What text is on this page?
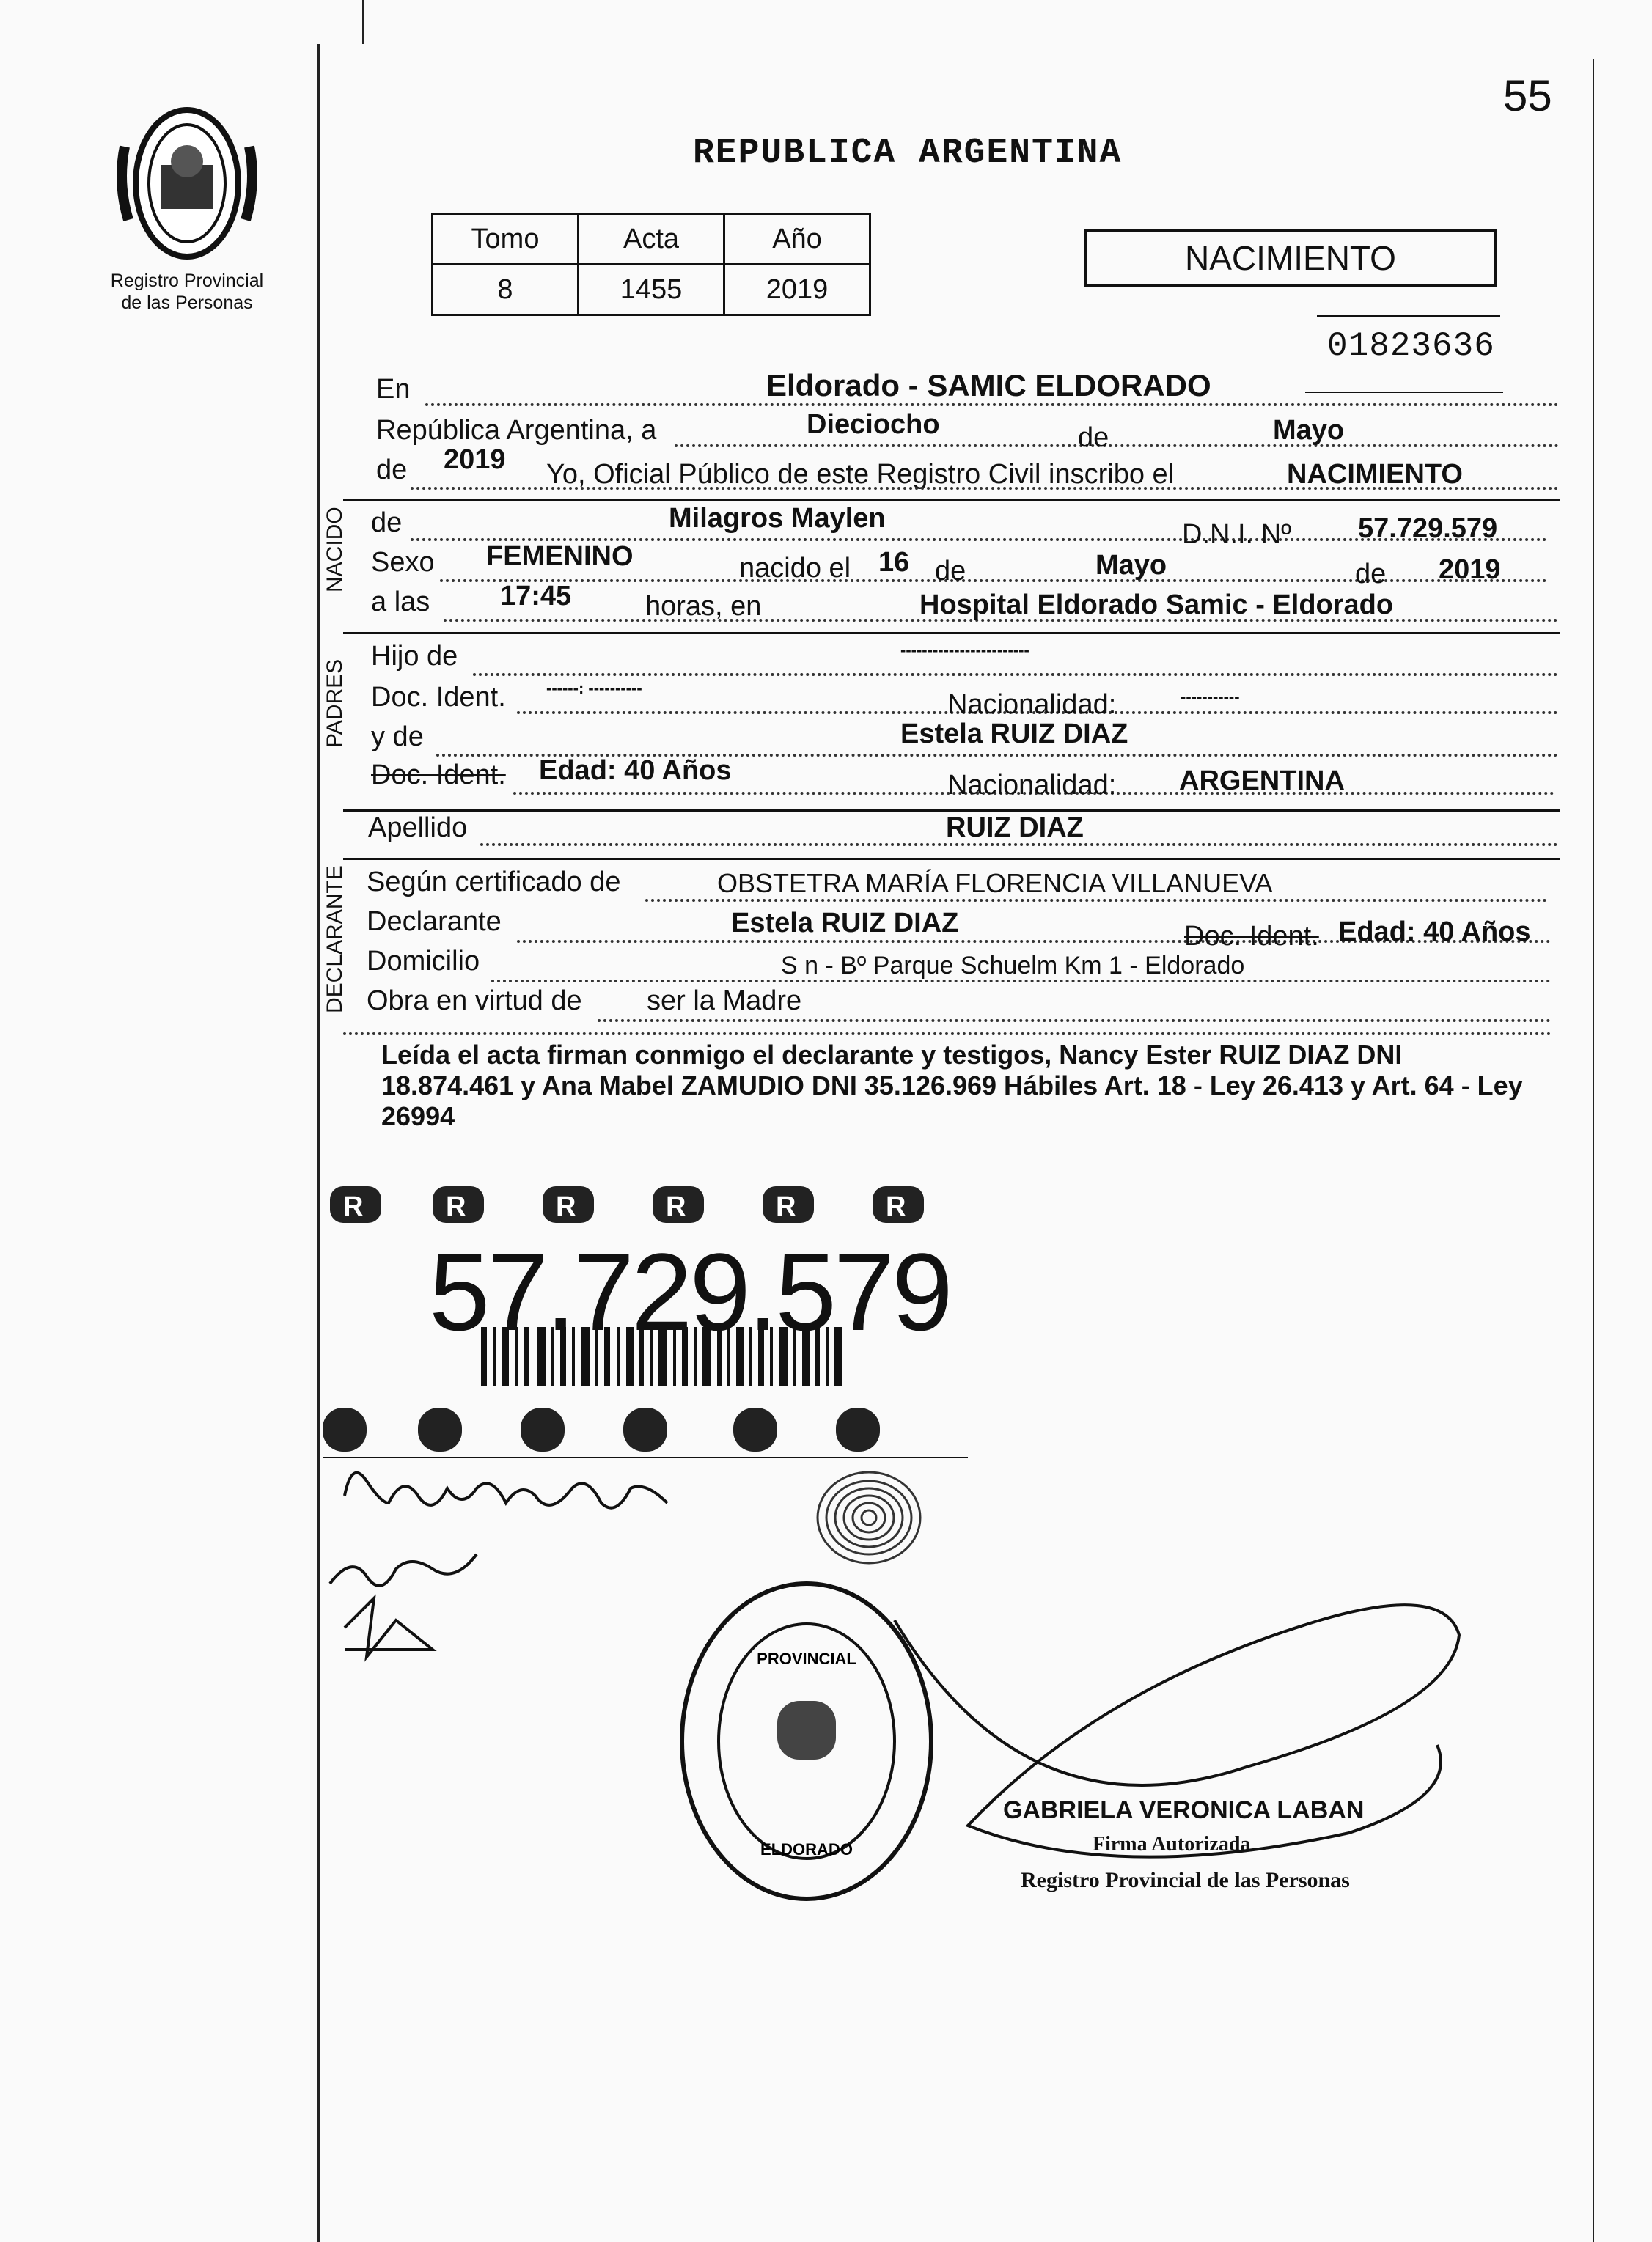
Registro Provincial
de las Personas
55
REPUBLICA ARGENTINA
Tomo	Acta	Año
8	1455	2019
NACIMIENTO
01823636
En	Eldorado - SAMIC ELDORADO
República Argentina, a	Dieciocho	de	Mayo
de 2019 Yo, Oficial Público de este Registro Civil inscribo el	NACIMIENTO
NACIDO de	Milagros Maylen
D.N.I. Nº 57.729.579
Sexo FEMENINO	nacido el 16 de	Mayo	de 2019
a las	17:45	horas, en	Hospital Eldorado Samic - Eldorado
PADRES
Hijo de	------------------------
Doc. Ident.	------: ----------
Nacionalidad:	-----------
y de	Estela RUIZ DIAZ
Doc. Ident. Edad: 40 Años	Nacionalidad: ARGENTINA
Apellido	RUIZ DIAZ
DECLARANTE Según certificado de	OBSTETRA MARÍA FLORENCIA VILLANUEVA
Declarante	Estela RUIZ DIAZ	Doc. Ident. Edad: 40 Años
Domicilio	S n - Bº Parque Schuelm Km 1 - Eldorado
Obra en virtud de ser la Madre
Leída el acta firman conmigo el declarante y testigos, Nancy Ester RUIZ DIAZ DNI 18.874.461 y Ana Mabel ZAMUDIO DNI 35.126.969 Hábiles Art. 18 - Ley 26.413 y Art. 64 - Ley 26994
R	R	R	R	R	R
57.729.579
PROVINCIAL
ELDORADO
GABRIELA VERONICA LABAN
Firma Autorizada
Registro Provincial de las Personas
